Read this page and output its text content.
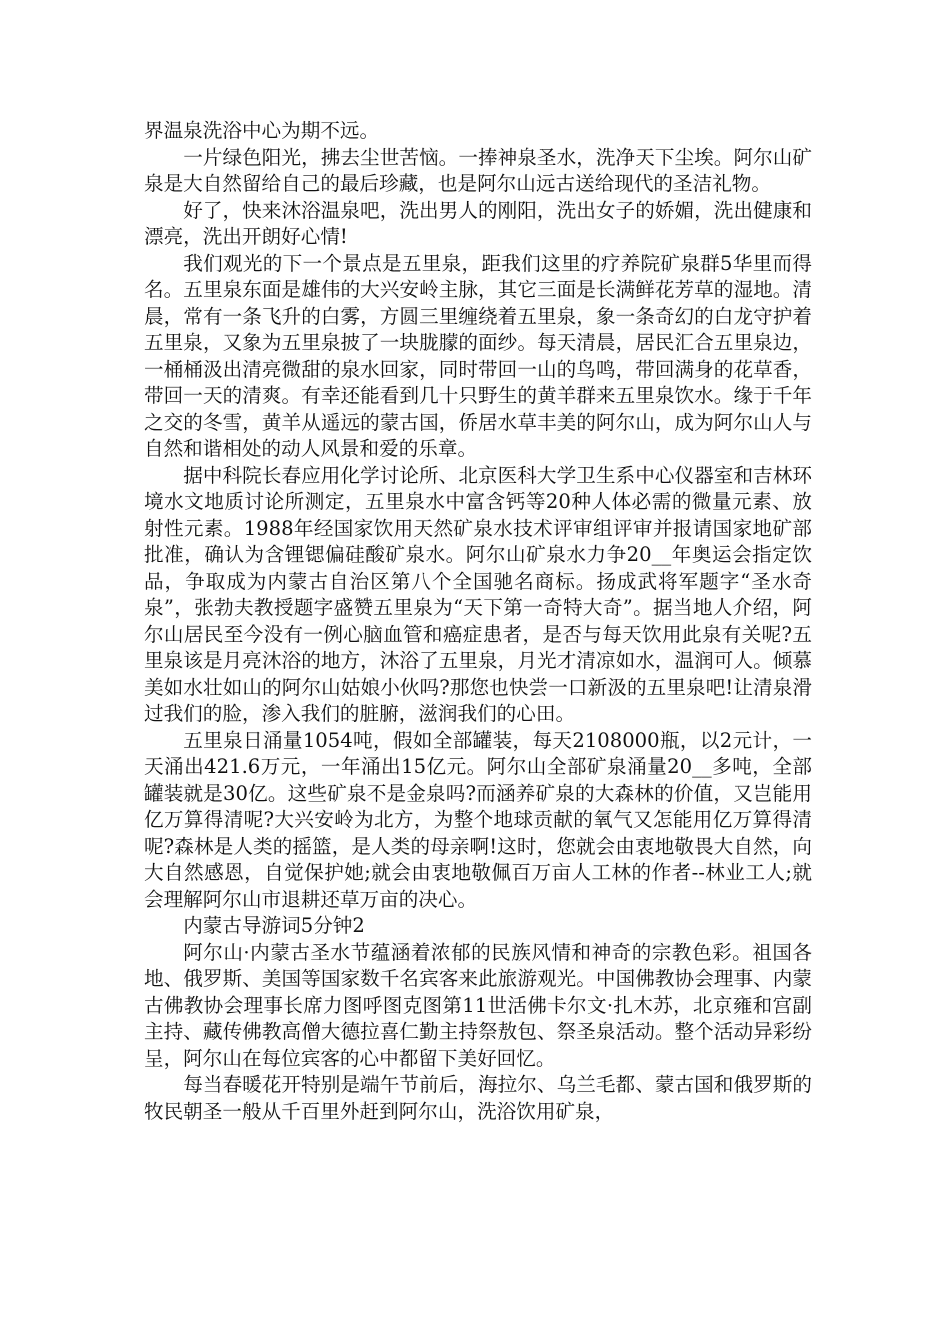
界温泉洗浴中心为期不远。

一片绿色阳光，拂去尘世苦恼。一捧神泉圣水，洗净天下尘埃。阿尔山矿泉是大自然留给自己的最后珍藏，也是阿尔山远古送给现代的圣洁礼物。

好了，快来沐浴温泉吧，洗出男人的刚阳，洗出女子的娇媚，洗出健康和漂亮，洗出开朗好心情!

我们观光的下一个景点是五里泉，距我们这里的疗养院矿泉群5华里而得名。五里泉东面是雄伟的大兴安岭主脉，其它三面是长满鲜花芳草的湿地。清晨，常有一条飞升的白雾，方圆三里缠绕着五里泉，象一条奇幻的白龙守护着五里泉，又象为五里泉披了一块胧朦的面纱。每天清晨，居民汇合五里泉边，一桶桶汲出清亮微甜的泉水回家，同时带回一山的鸟鸣，带回满身的花草香，带回一天的清爽。有幸还能看到几十只野生的黄羊群来五里泉饮水。缘于千年之交的冬雪，黄羊从遥远的蒙古国，侨居水草丰美的阿尔山，成为阿尔山人与自然和谐相处的动人风景和爱的乐章。

据中科院长春应用化学讨论所、北京医科大学卫生系中心仪器室和吉林环境水文地质讨论所测定，五里泉水中富含钙等20种人体必需的微量元素、放射性元素。1988年经国家饮用天然矿泉水技术评审组评审并报请国家地矿部批准，确认为含锂锶偏硅酸矿泉水。阿尔山矿泉水力争20__年奥运会指定饮品，争取成为内蒙古自治区第八个全国驰名商标。扬成武将军题字“圣水奇泉”，张勃夫教授题字盛赞五里泉为“天下第一奇特大奇”。据当地人介绍，阿尔山居民至今没有一例心脑血管和癌症患者，是否与每天饮用此泉有关呢?五里泉该是月亮沐浴的地方，沐浴了五里泉，月光才清凉如水，温润可人。倾慕美如水壮如山的阿尔山姑娘小伙吗?那您也快尝一口新汲的五里泉吧!让清泉滑过我们的脸，渗入我们的脏腑，滋润我们的心田。

五里泉日涌量1054吨，假如全部罐装，每天2108000瓶，以2元计，一天涌出421.6万元，一年涌出15亿元。阿尔山全部矿泉涌量20__多吨，全部罐装就是30亿。这些矿泉不是金泉吗?而涵养矿泉的大森林的价值，又岂能用亿万算得清呢?大兴安岭为北方，为整个地球贡献的氧气又怎能用亿万算得清呢?森林是人类的摇篮，是人类的母亲啊!这时，您就会由衷地敬畏大自然，向大自然感恩，自觉保护她;就会由衷地敬佩百万亩人工林的作者--林业工人;就会理解阿尔山市退耕还草万亩的决心。

内蒙古导游词5分钟2

阿尔山·内蒙古圣水节蕴涵着浓郁的民族风情和神奇的宗教色彩。祖国各地、俄罗斯、美国等国家数千名宾客来此旅游观光。中国佛教协会理事、内蒙古佛教协会理事长席力图呼图克图第11世活佛卡尔文·扎木苏，北京雍和宫副主持、藏传佛教高僧大德拉喜仁勤主持祭敖包、祭圣泉活动。整个活动异彩纷呈，阿尔山在每位宾客的心中都留下美好回忆。

每当春暖花开特别是端午节前后，海拉尔、乌兰毛都、蒙古国和俄罗斯的牧民朝圣一般从千百里外赶到阿尔山，洗浴饮用矿泉，
